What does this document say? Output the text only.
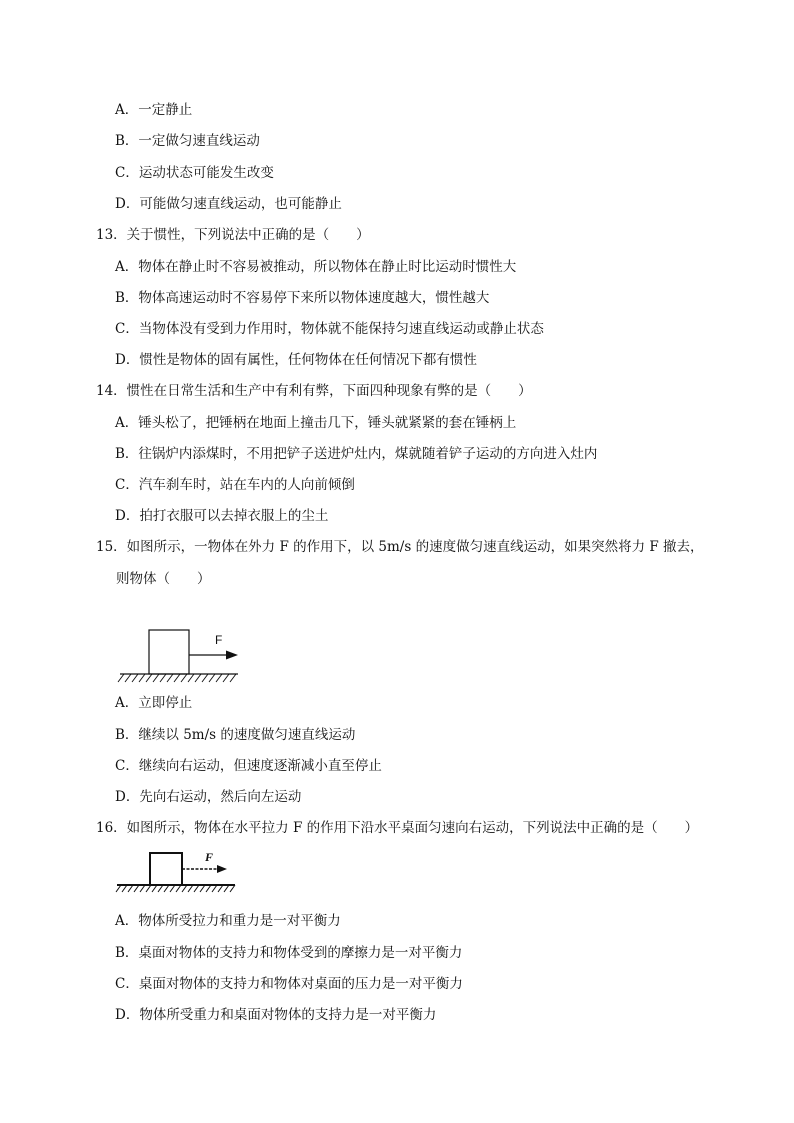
A．一定静止
B．一定做匀速直线运动
C．运动状态可能发生改变
D．可能做匀速直线运动，也可能静止
13．关于惯性，下列说法中正确的是（　　）
A．物体在静止时不容易被推动，所以物体在静止时比运动时惯性大
B．物体高速运动时不容易停下来所以物体速度越大，惯性越大
C．当物体没有受到力作用时，物体就不能保持匀速直线运动或静止状态
D．惯性是物体的固有属性，任何物体在任何情况下都有惯性
14．惯性在日常生活和生产中有利有弊，下面四种现象有弊的是（　　）
A．锤头松了，把锤柄在地面上撞击几下，锤头就紧紧的套在锤柄上
B．往锅炉内添煤时，不用把铲子送进炉灶内，煤就随着铲子运动的方向进入灶内
C．汽车刹车时，站在车内的人向前倾倒
D．拍打衣服可以去掉衣服上的尘土
15．如图所示，一物体在外力 F 的作用下，以 5m/s 的速度做匀速直线运动，如果突然将力 F 撤去，
则物体（　　）
F
A．立即停止
B．继续以 5m/s 的速度做匀速直线运动
C．继续向右运动，但速度逐渐减小直至停止
D．先向右运动，然后向左运动
16．如图所示，物体在水平拉力 F 的作用下沿水平桌面匀速向右运动，下列说法中正确的是（　　）
F
A．物体所受拉力和重力是一对平衡力
B．桌面对物体的支持力和物体受到的摩擦力是一对平衡力
C．桌面对物体的支持力和物体对桌面的压力是一对平衡力
D．物体所受重力和桌面对物体的支持力是一对平衡力
